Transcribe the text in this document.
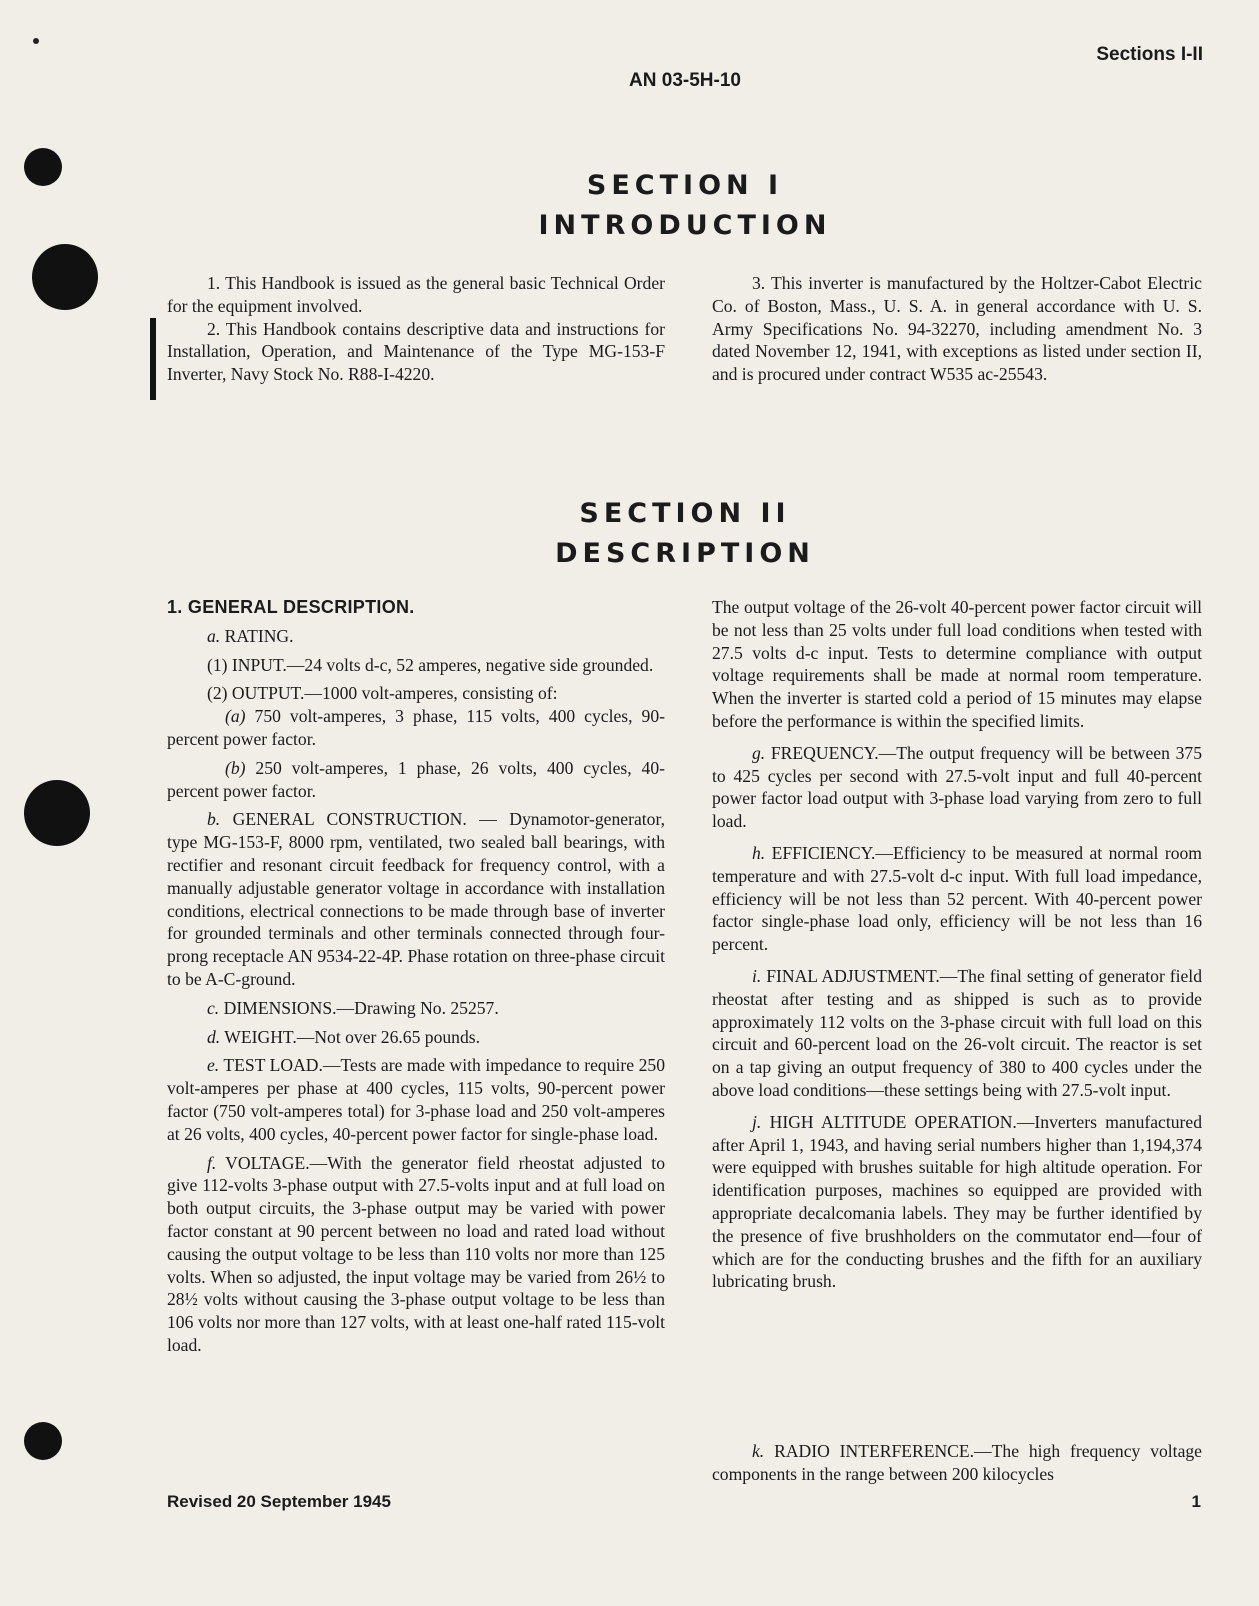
Sections I-II
AN 03-5H-10
SECTION I
INTRODUCTION

1. This Handbook is issued as the general basic Technical Order for the equipment involved.

2. This Handbook contains descriptive data and instructions for Installation, Operation, and Maintenance of the Type MG-153-F Inverter, Navy Stock No. R88-I-4220.

3. This inverter is manufactured by the Holtzer-Cabot Electric Co. of Boston, Mass., U. S. A. in general accordance with U. S. Army Specifications No. 94-32270, including amendment No. 3 dated November 12, 1941, with exceptions as listed under section II, and is procured under contract W535 ac-25543.

SECTION II
DESCRIPTION

1. GENERAL DESCRIPTION.

a. RATING.

(1) INPUT.—24 volts d-c, 52 amperes, negative side grounded.

(2) OUTPUT.—1000 volt-amperes, consisting of:

(a) 750 volt-amperes, 3 phase, 115 volts, 400 cycles, 90-percent power factor.

(b) 250 volt-amperes, 1 phase, 26 volts, 400 cycles, 40-percent power factor.

b. GENERAL CONSTRUCTION. — Dynamotor-generator, type MG-153-F, 8000 rpm, ventilated, two sealed ball bearings, with rectifier and resonant circuit feedback for frequency control, with a manually adjustable generator voltage in accordance with installation conditions, electrical connections to be made through base of inverter for grounded terminals and other terminals connected through four-prong receptacle AN 9534-22-4P. Phase rotation on three-phase circuit to be A-C-ground.

c. DIMENSIONS.—Drawing No. 25257.

d. WEIGHT.—Not over 26.65 pounds.

e. TEST LOAD.—Tests are made with impedance to require 250 volt-amperes per phase at 400 cycles, 115 volts, 90-percent power factor (750 volt-amperes total) for 3-phase load and 250 volt-amperes at 26 volts, 400 cycles, 40-percent power factor for single-phase load.

f. VOLTAGE.—With the generator field rheostat adjusted to give 112-volts 3-phase output with 27.5-volts input and at full load on both output circuits, the 3-phase output may be varied with power factor constant at 90 percent between no load and rated load without causing the output voltage to be less than 110 volts nor more than 125 volts. When so adjusted, the input voltage may be varied from 26½ to 28½ volts without causing the 3-phase output voltage to be less than 106 volts nor more than 127 volts, with at least one-half rated 115-volt load.

The output voltage of the 26-volt 40-percent power factor circuit will be not less than 25 volts under full load conditions when tested with 27.5 volts d-c input. Tests to determine compliance with output voltage requirements shall be made at normal room temperature. When the inverter is started cold a period of 15 minutes may elapse before the performance is within the specified limits.

g. FREQUENCY.—The output frequency will be between 375 to 425 cycles per second with 27.5-volt input and full 40-percent power factor load output with 3-phase load varying from zero to full load.

h. EFFICIENCY.—Efficiency to be measured at normal room temperature and with 27.5-volt d-c input. With full load impedance, efficiency will be not less than 52 percent. With 40-percent power factor single-phase load only, efficiency will be not less than 16 percent.

i. FINAL ADJUSTMENT.—The final setting of generator field rheostat after testing and as shipped is such as to provide approximately 112 volts on the 3-phase circuit with full load on this circuit and 60-percent load on the 26-volt circuit. The reactor is set on a tap giving an output frequency of 380 to 400 cycles under the above load conditions—these settings being with 27.5-volt input.

j. HIGH ALTITUDE OPERATION.—Inverters manufactured after April 1, 1943, and having serial numbers higher than 1,194,374 were equipped with brushes suitable for high altitude operation. For identification purposes, machines so equipped are provided with appropriate decalcomania labels. They may be further identified by the presence of five brushholders on the commutator end—four of which are for the conducting brushes and the fifth for an auxiliary lubricating brush.

k. RADIO INTERFERENCE.—The high frequency voltage components in the range between 200 kilocycles

Revised 20 September 1945	1
